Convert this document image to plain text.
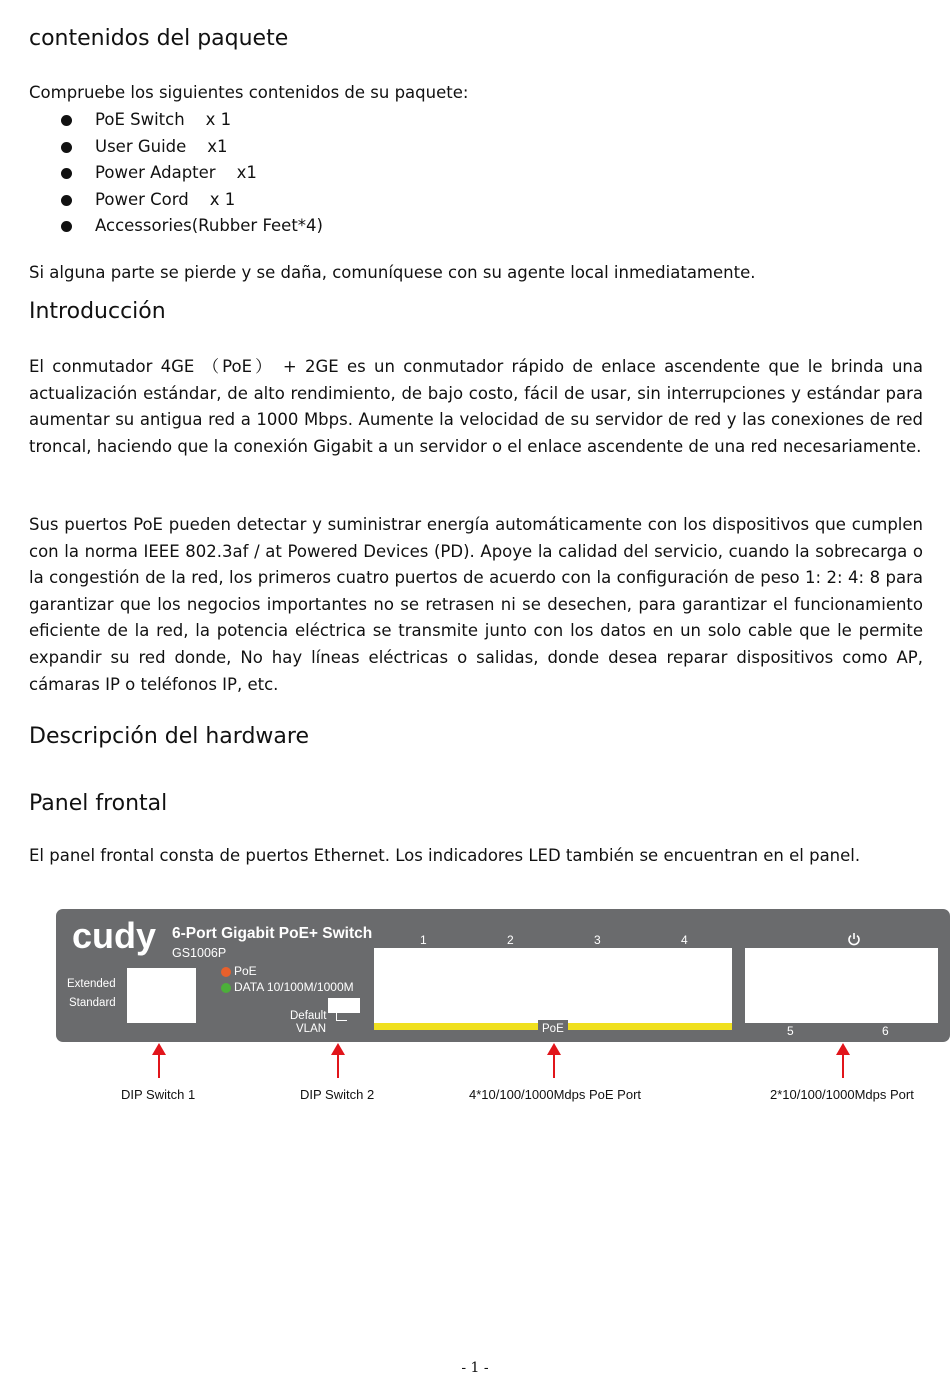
contenidos del paquete

Compruebe los siguientes contenidos de su paquete:

PoE Switch    x 1
User Guide    x1
Power Adapter    x1
Power Cord    x 1
Accessories(Rubber Feet*4)

Si alguna parte se pierde y se daña, comuníquese con su agente local inmediatamente.

Introducción

El conmutador 4GE （PoE） + 2GE es un conmutador rápido de enlace ascendente que le brinda una actualización estándar, de alto rendimiento, de bajo costo, fácil de usar, sin interrupciones y estándar para aumentar su antigua red a 1000 Mbps. Aumente la velocidad de su servidor de red y las conexiones de red troncal, haciendo que la conexión Gigabit a un servidor o el enlace ascendente de una red necesariamente.

Sus puertos PoE pueden detectar y suministrar energía automáticamente con los dispositivos que cumplen con la norma IEEE 802.3af / at Powered Devices (PD). Apoye la calidad del servicio, cuando la sobrecarga o la congestión de la red, los primeros cuatro puertos de acuerdo con la configuración de peso 1: 2: 4: 8 para garantizar que los negocios importantes no se retrasen ni se desechen, para garantizar el funcionamiento eficiente de la red, la potencia eléctrica se transmite junto con los datos en un solo cable que le permite expandir su red donde, No hay líneas eléctricas o salidas, donde desea reparar dispositivos como AP, cámaras IP o teléfonos IP, etc.

Descripción del hardware
Panel frontal

El panel frontal consta de puertos Ethernet. Los indicadores LED también se encuentran en el panel.

cudy 6-Port Gigabit PoE+ Switch
GS1006P
Extended
Standard
PoE
DATA 10/100M/1000M
Default
VLAN
1	2	3	4
PoE	5	6
DIP Switch 1	DIP Switch 2	4*10/100/1000Mdps PoE Port	2*10/100/1000Mdps Port
- 1 -
